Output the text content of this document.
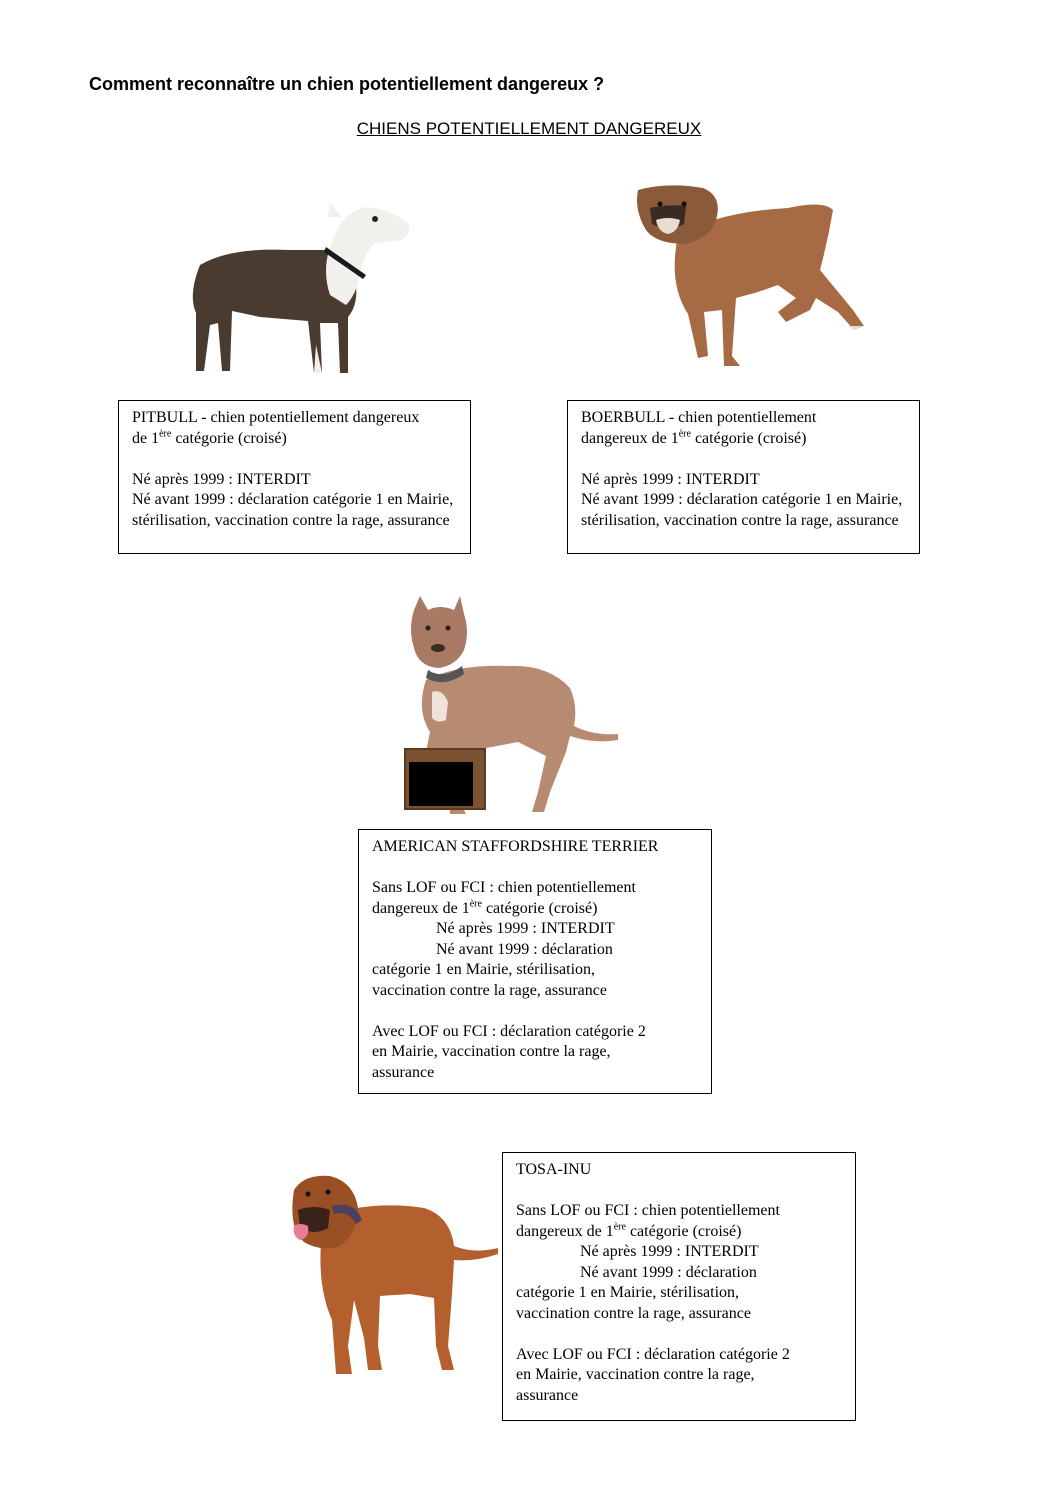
Comment reconnaître un chien potentiellement dangereux ?

CHIENS POTENTIELLEMENT DANGEREUX

PITBULL - chien potentiellement dangereux

de 1ère catégorie (croisé)

Né après 1999 : INTERDIT

Né avant 1999 : déclaration catégorie 1 en Mairie, stérilisation, vaccination contre la rage, assurance

BOERBULL - chien potentiellement

dangereux de 1ère catégorie (croisé)

Né après 1999 : INTERDIT

Né avant 1999 : déclaration catégorie 1 en Mairie, stérilisation, vaccination contre la rage, assurance

AMERICAN STAFFORDSHIRE TERRIER

Sans LOF ou FCI : chien potentiellement

dangereux de 1ère catégorie (croisé)

Né après 1999 : INTERDIT

Né avant 1999 : déclaration

catégorie 1 en Mairie, stérilisation,

vaccination contre la rage, assurance

Avec LOF ou FCI : déclaration catégorie 2

en Mairie, vaccination contre la rage,

assurance

TOSA-INU

Sans LOF ou FCI : chien potentiellement

dangereux de 1ère catégorie (croisé)

Né après 1999 : INTERDIT

Né avant 1999 : déclaration

catégorie 1 en Mairie, stérilisation,

vaccination contre la rage, assurance

Avec LOF ou FCI : déclaration catégorie 2

en Mairie, vaccination contre la rage,

assurance
